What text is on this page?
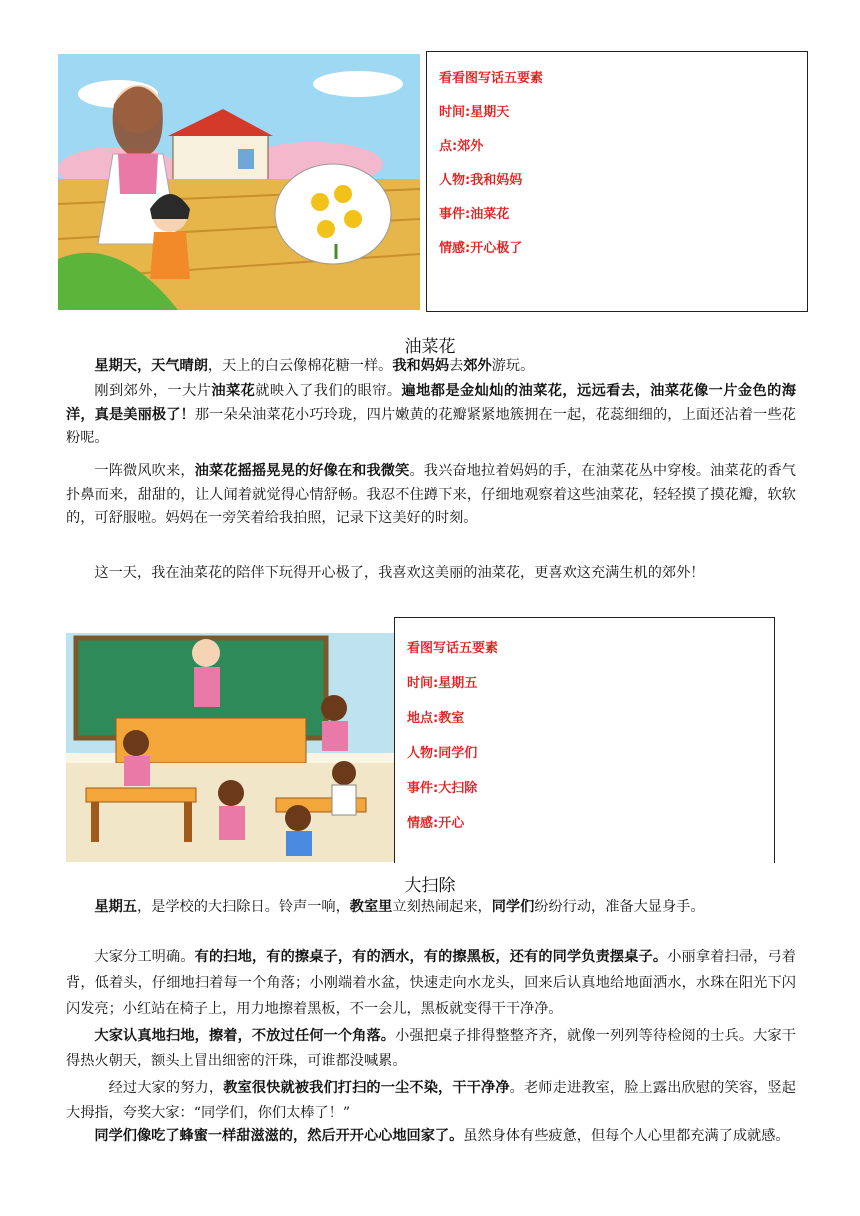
看看图写话五要素

时间:星期天

点:郊外

人物:我和妈妈

事件:油菜花

情感:开心极了

油菜花

星期天，天气晴朗，天上的白云像棉花糖一样。我和妈妈去郊外游玩。

刚到郊外，一大片油菜花就映入了我们的眼帘。遍地都是金灿灿的油菜花，远远看去，油菜花像一片金色的海洋，真是美丽极了！那一朵朵油菜花小巧玲珑，四片嫩黄的花瓣紧紧地簇拥在一起，花蕊细细的，上面还沾着一些花粉呢。

一阵微风吹来，油菜花摇摇晃晃的好像在和我微笑。我兴奋地拉着妈妈的手，在油菜花丛中穿梭。油菜花的香气扑鼻而来，甜甜的，让人闻着就觉得心情舒畅。我忍不住蹲下来，仔细地观察着这些油菜花，轻轻摸了摸花瓣，软软的，可舒服啦。妈妈在一旁笑着给我拍照，记录下这美好的时刻。

这一天，我在油菜花的陪伴下玩得开心极了，我喜欢这美丽的油菜花，更喜欢这充满生机的郊外！

看图写话五要素

时间:星期五

地点:教室

人物:同学们

事件:大扫除

情感:开心

大扫除

星期五，是学校的大扫除日。铃声一响，教室里立刻热闹起来，同学们纷纷行动，准备大显身手。

大家分工明确。有的扫地，有的擦桌子，有的洒水，有的擦黑板，还有的同学负责摆桌子。小丽拿着扫帚，弓着背，低着头，仔细地扫着每一个角落；小刚端着水盆，快速走向水龙头，回来后认真地给地面洒水，水珠在阳光下闪闪发亮；小红站在椅子上，用力地擦着黑板，不一会儿，黑板就变得干干净净。

大家认真地扫地，擦着，不放过任何一个角落。小强把桌子排得整整齐齐，就像一列列等待检阅的士兵。大家干得热火朝天，额头上冒出细密的汗珠，可谁都没喊累。

经过大家的努力，教室很快就被我们打扫的一尘不染，干干净净。老师走进教室，脸上露出欣慰的笑容，竖起大拇指，夸奖大家：“同学们，你们太棒了！”

同学们像吃了蜂蜜一样甜滋滋的，然后开开心心地回家了。虽然身体有些疲惫，但每个人心里都充满了成就感。
